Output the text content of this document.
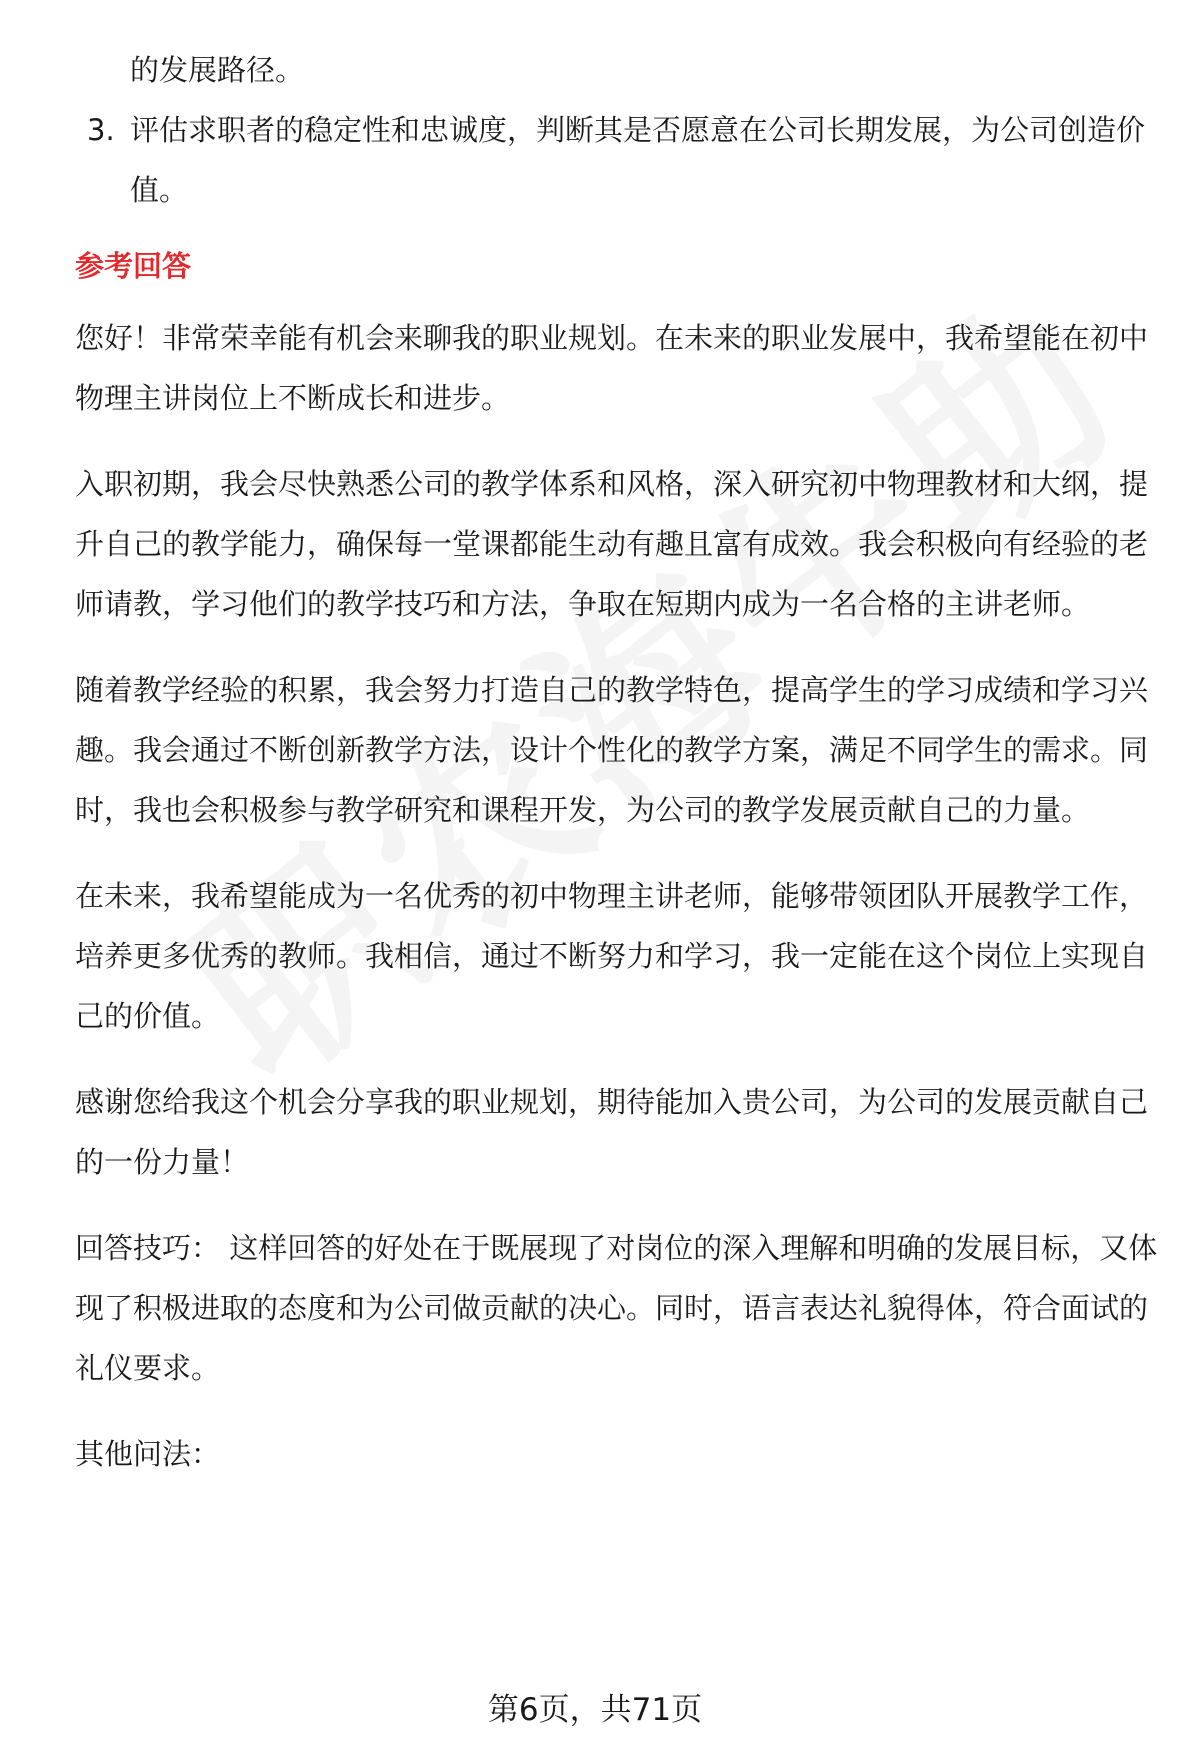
的发展路径。

3. 评估求职者的稳定性和忠诚度，判断其是否愿意在公司长期发展，为公司创造价值。

参考回答

您好！非常荣幸能有机会来聊我的职业规划。在未来的职业发展中，我希望能在初中物理主讲岗位上不断成长和进步。

入职初期，我会尽快熟悉公司的教学体系和风格，深入研究初中物理教材和大纲，提升自己的教学能力，确保每一堂课都能生动有趣且富有成效。我会积极向有经验的老师请教，学习他们的教学技巧和方法，争取在短期内成为一名合格的主讲老师。

随着教学经验的积累，我会努力打造自己的教学特色，提高学生的学习成绩和学习兴趣。我会通过不断创新教学方法，设计个性化的教学方案，满足不同学生的需求。同时，我也会积极参与教学研究和课程开发，为公司的教学发展贡献自己的力量。

在未来，我希望能成为一名优秀的初中物理主讲老师，能够带领团队开展教学工作，培养更多优秀的教师。我相信，通过不断努力和学习，我一定能在这个岗位上实现自己的价值。

感谢您给我这个机会分享我的职业规划，期待能加入贵公司，为公司的发展贡献自己的一份力量！

回答技巧： 这样回答的好处在于既展现了对岗位的深入理解和明确的发展目标，又体现了积极进取的态度和为公司做贡献的决心。同时，语言表达礼貌得体，符合面试的礼仪要求。

其他问法：

第6页，共71页
